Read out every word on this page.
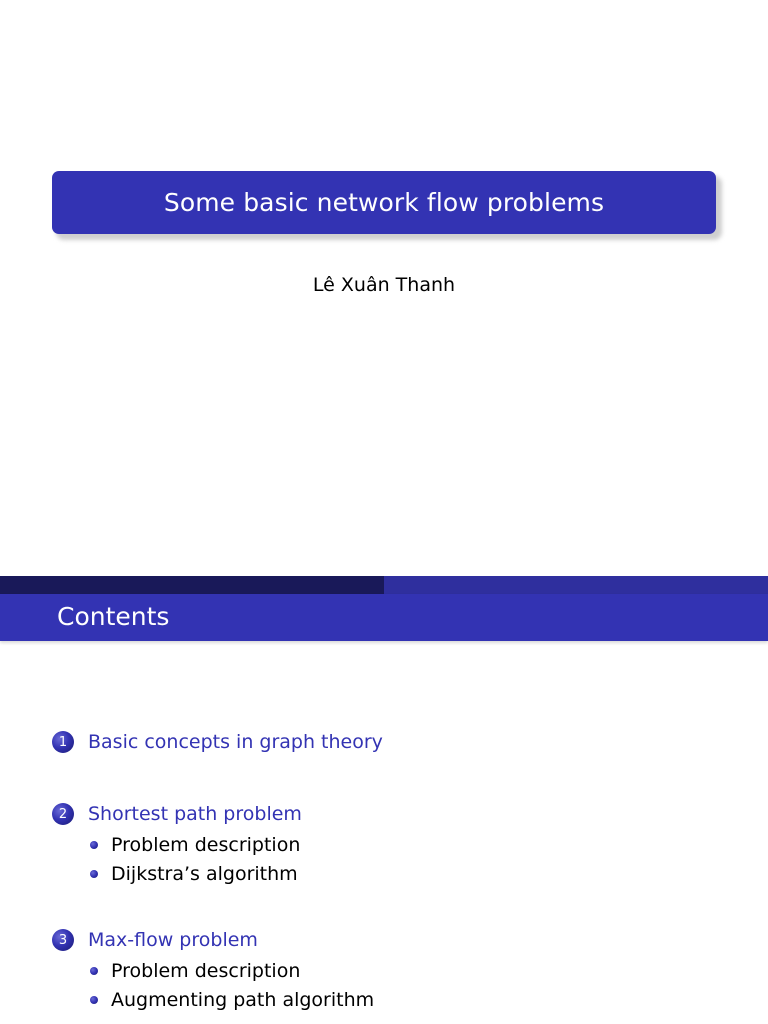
Some basic network flow problems
Lê Xuân Thanh
Contents
1	Basic concepts in graph theory
2	Shortest path problem
Problem description
Dijkstra’s algorithm
3	Max-flow problem
Problem description
Augmenting path algorithm
